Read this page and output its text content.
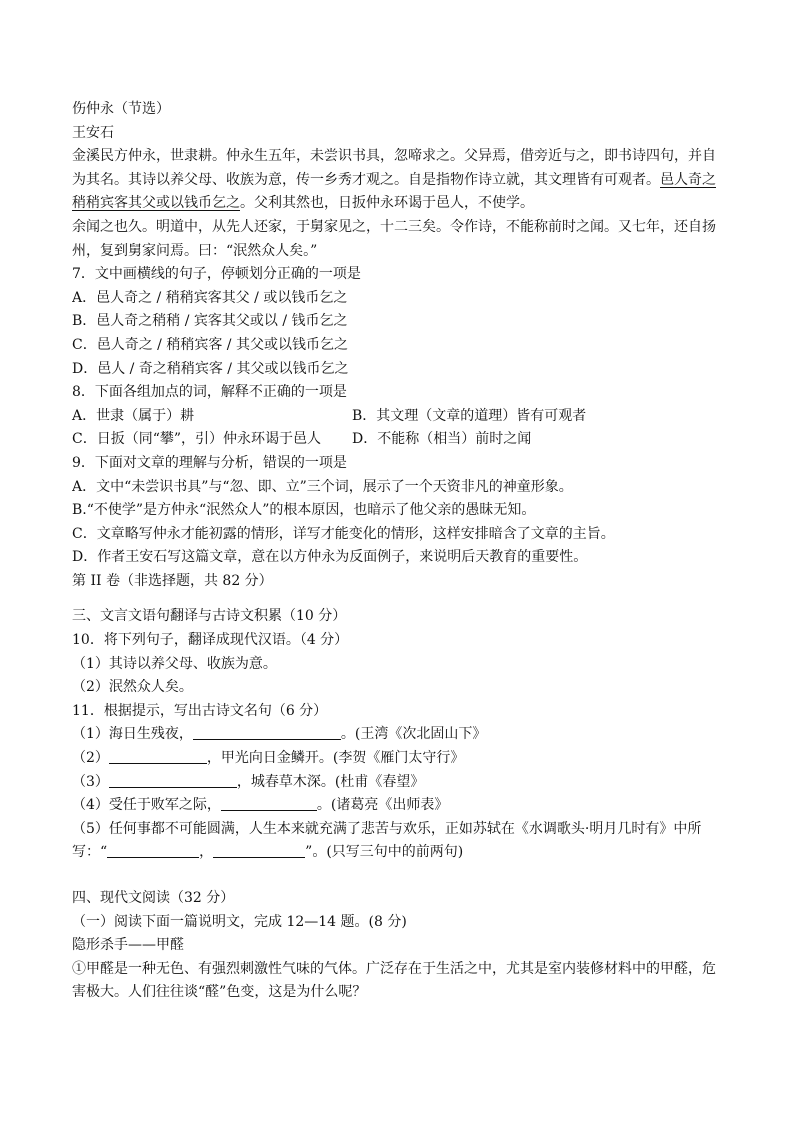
伤仲永（节选）
王安石
金溪民方仲永，世隶耕。仲永生五年，未尝识书具，忽啼求之。父异焉，借旁近与之，即书诗四句，并自为其名。其诗以养父母、收族为意，传一乡秀才观之。自是指物作诗立就，其文理皆有可观者。邑人奇之稍稍宾客其父或以钱币乞之。父利其然也，日扳仲永环谒于邑人，不使学。
余闻之也久。明道中，从先人还家，于舅家见之，十二三矣。令作诗，不能称前时之闻。又七年，还自扬州，复到舅家问焉。曰：“泯然众人矣。”
7．文中画横线的句子，停顿划分正确的一项是
A．邑人奇之 / 稍稍宾客其父 / 或以钱币乞之
B．邑人奇之稍稍 / 宾客其父或以 / 钱币乞之
C．邑人奇之 / 稍稍宾客 / 其父或以钱币乞之
D．邑人 / 奇之稍稍宾客 / 其父或以钱币乞之
8．下面各组加点的词，解释不正确的一项是
A．世隶（属于）耕	B．其文理（文章的道理）皆有可观者
C．日扳（同“攀”，引）仲永环谒于邑人	D．不能称（相当）前时之闻
9．下面对文章的理解与分析，错误的一项是
A．文中“未尝识书具”与“忽、即、立”三个词，展示了一个天资非凡的神童形象。
B.“不使学”是方仲永“泯然众人”的根本原因，也暗示了他父亲的愚昧无知。
C．文章略写仲永才能初露的情形，详写才能变化的情形，这样安排暗含了文章的主旨。
D．作者王安石写这篇文章，意在以方仲永为反面例子，来说明后天教育的重要性。
第 II 卷（非选择题，共 82 分）
三、文言文语句翻译与古诗文积累（10 分）
10．将下列句子，翻译成现代汉语。（4 分）
（1）其诗以养父母、收族为意。
（2）泯然众人矣。
11．根据提示，写出古诗文名句（6 分）
（1）海日生残夜，	。(王湾《次北固山下》
（2）	，甲光向日金鳞开。(李贺《雁门太守行》
（3）	，城春草木深。(杜甫《春望》
（4）受任于败军之际，	。(诸葛亮《出师表》
（5）任何事都不可能圆满，人生本来就充满了悲苦与欢乐，正如苏轼在《水调歌头·明月几时有》中所写：“	，	”。(只写三句中的前两句)
四、现代文阅读（32 分）
（一）阅读下面一篇说明文，完成 12—14 题。(8 分)
隐形杀手——甲醛
①甲醛是一种无色、有强烈刺激性气味的气体。广泛存在于生活之中，尤其是室内装修材料中的甲醛，危害极大。人们往往谈“醛”色变，这是为什么呢？
